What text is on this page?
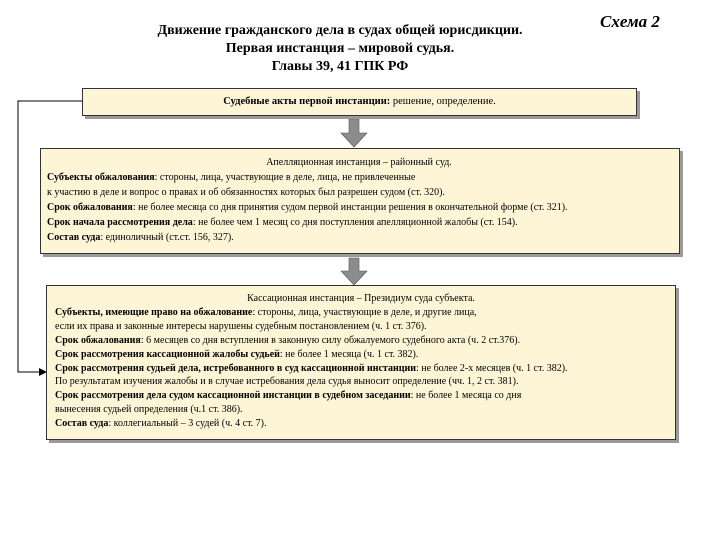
Схема 2
Движение гражданского дела в судах общей юрисдикции.
Первая инстанция – мировой судья.
Главы 39, 41 ГПК РФ
Судебные акты первой инстанции: решение, определение.
Апелляционная инстанция – районный суд.
Субъекты обжалования: стороны, лица, участвующие в деле, лица, не привлеченные
к участию в деле и вопрос о правах и об обязанностях которых был разрешен судом (ст. 320).
Срок обжалования: не более месяца со дня принятия судом первой инстанции решения в окончательной форме (ст. 321).
Срок начала рассмотрения дела: не более чем 1 месяц со дня поступления апелляционной жалобы (ст. 154).
Состав суда: единоличный (ст.ст. 156, 327).
Кассационная инстанция – Президиум суда субъекта.
Субъекты, имеющие право на обжалование: стороны, лица, участвующие в деле, и другие лица,
если их права и законные интересы нарушены судебным постановлением (ч. 1 ст. 376).
Срок обжалования: 6 месяцев со дня вступления в законную силу обжалуемого судебного акта (ч. 2 ст.376).
Срок рассмотрения кассационной жалобы судьей: не более 1 месяца (ч. 1 ст. 382).
Срок рассмотрения судьей дела, истребованного в суд кассационной инстанции: не более 2-х месяцев (ч. 1 ст. 382).
По результатам изучения жалобы и в случае истребования дела судья выносит определение (чч. 1, 2 ст. 381).
Срок рассмотрения дела судом кассационной инстанции в судебном заседании: не более 1 месяца со дня
вынесения судьей определения (ч.1 ст. 386).
Состав суда: коллегиальный – 3 судей (ч. 4 ст. 7).
